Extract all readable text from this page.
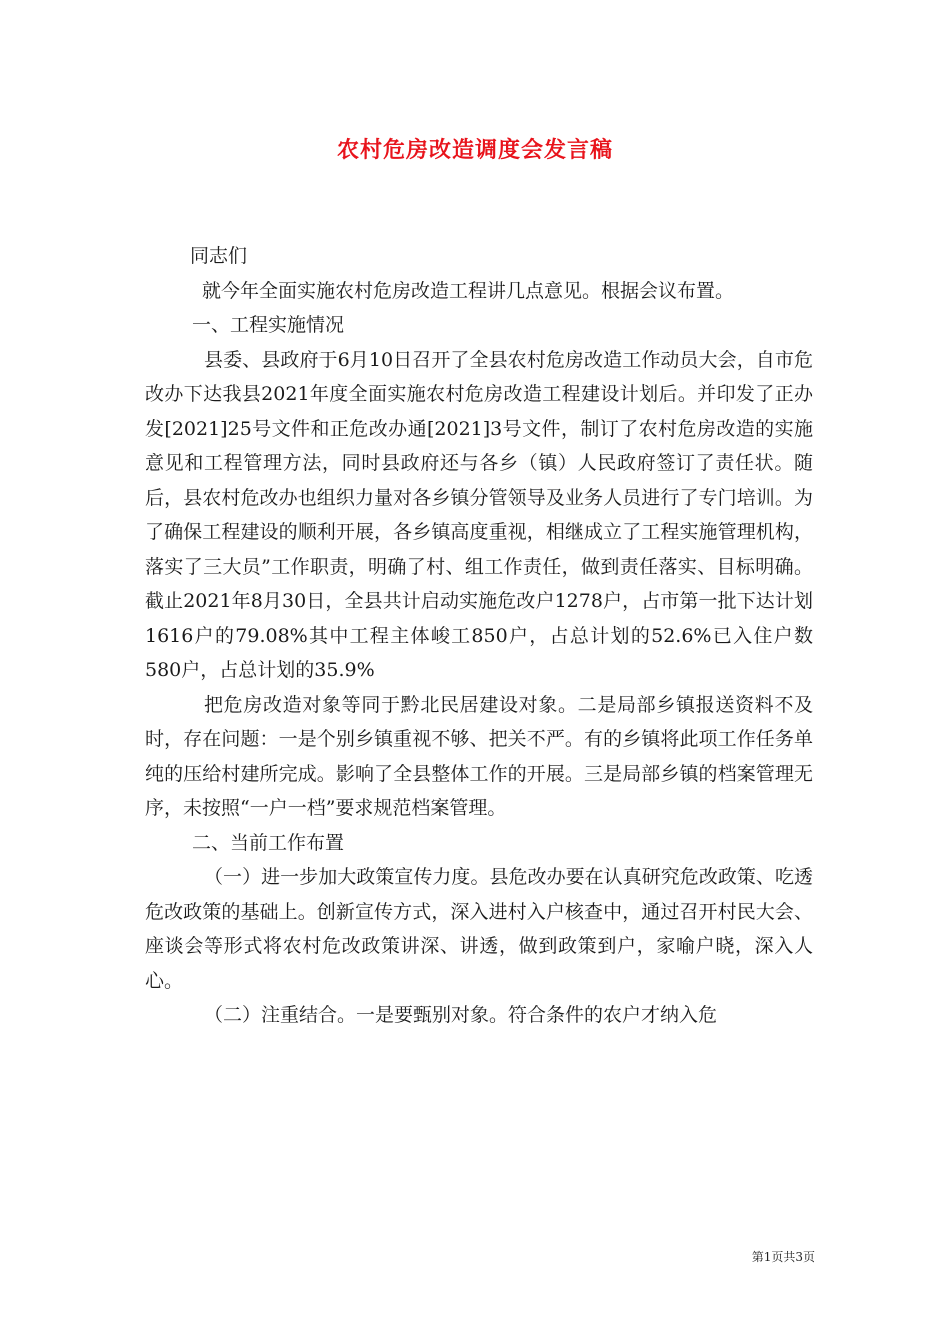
农村危房改造调度会发言稿

同志们

就今年全面实施农村危房改造工程讲几点意见。根据会议布置。

一、工程实施情况

县委、县政府于6月10日召开了全县农村危房改造工作动员大会，自市危改办下达我县2021年度全面实施农村危房改造工程建设计划后。并印发了正办发[2021]25号文件和正危改办通[2021]3号文件，制订了农村危房改造的实施意见和工程管理方法，同时县政府还与各乡（镇）人民政府签订了责任状。随后，县农村危改办也组织力量对各乡镇分管领导及业务人员进行了专门培训。为了确保工程建设的顺利开展，各乡镇高度重视，相继成立了工程实施管理机构，落实了三大员”工作职责，明确了村、组工作责任，做到责任落实、目标明确。截止2021年8月30日，全县共计启动实施危改户1278户，占市第一批下达计划1616户的79.08%其中工程主体峻工850户，占总计划的52.6%已入住户数580户，占总计划的35.9%

把危房改造对象等同于黔北民居建设对象。二是局部乡镇报送资料不及时，存在问题：一是个别乡镇重视不够、把关不严。有的乡镇将此项工作任务单纯的压给村建所完成。影响了全县整体工作的开展。三是局部乡镇的档案管理无序，未按照“一户一档”要求规范档案管理。

二、当前工作布置

（一）进一步加大政策宣传力度。县危改办要在认真研究危改政策、吃透危改政策的基础上。创新宣传方式，深入进村入户核查中，通过召开村民大会、座谈会等形式将农村危改政策讲深、讲透，做到政策到户，家喻户晓，深入人心。

（二）注重结合。一是要甄别对象。符合条件的农户才纳入危

第1页共3页
